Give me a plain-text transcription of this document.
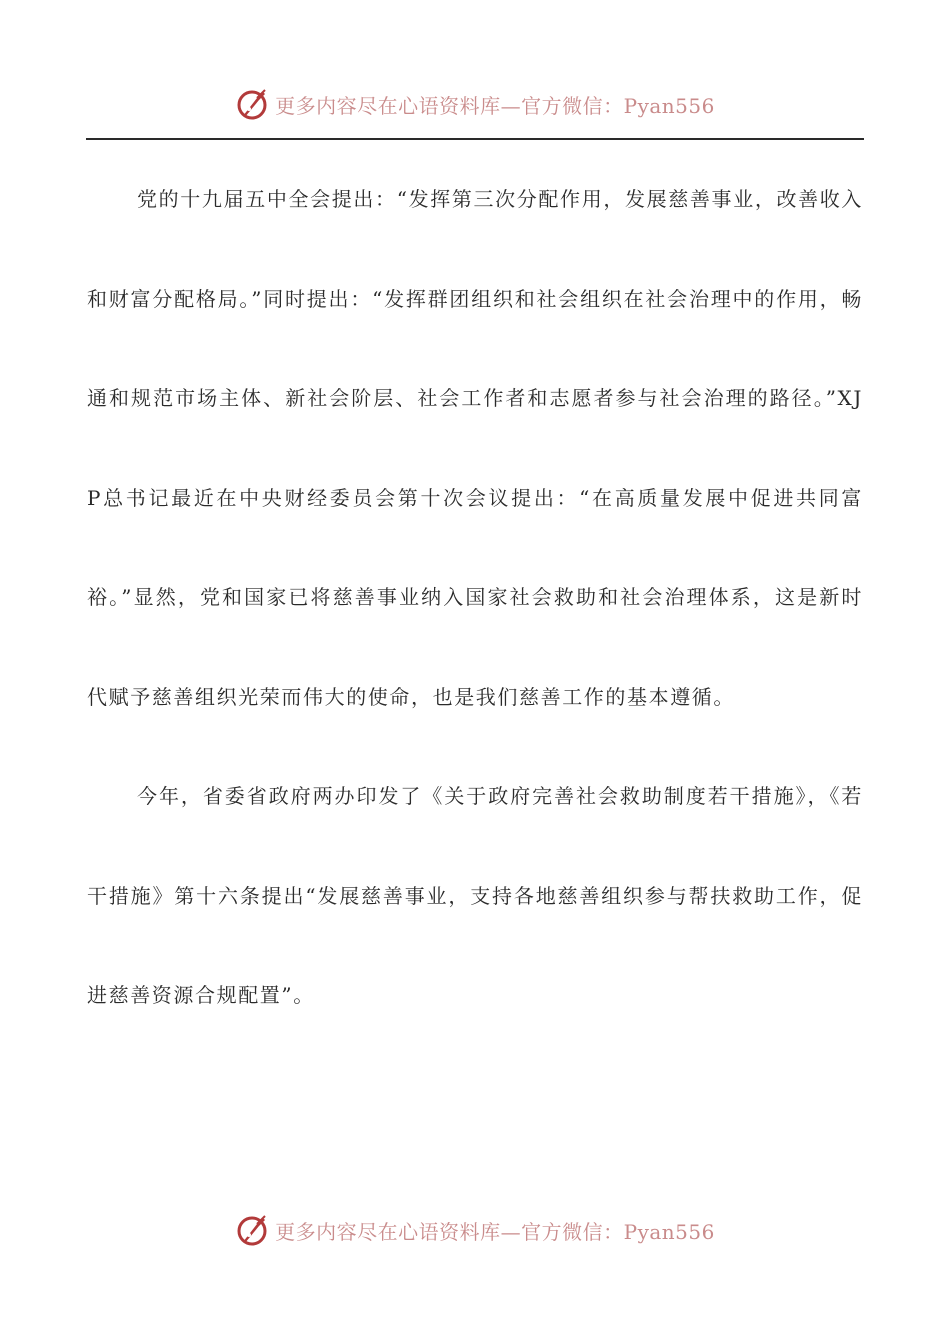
更多内容尽在心语资料库—官方微信：Pyan556

党的十九届五中全会提出：“发挥第三次分配作用，发展慈善事业，改善收入和财富分配格局。”同时提出：“发挥群团组织和社会组织在社会治理中的作用，畅通和规范市场主体、新社会阶层、社会工作者和志愿者参与社会治理的路径。”XJP总书记最近在中央财经委员会第十次会议提出：“在高质量发展中促进共同富裕。”显然，党和国家已将慈善事业纳入国家社会救助和社会治理体系，这是新时代赋予慈善组织光荣而伟大的使命，也是我们慈善工作的基本遵循。

今年，省委省政府两办印发了《关于政府完善社会救助制度若干措施》，《若干措施》第十六条提出“发展慈善事业，支持各地慈善组织参与帮扶救助工作，促进慈善资源合规配置”。

更多内容尽在心语资料库—官方微信：Pyan556
